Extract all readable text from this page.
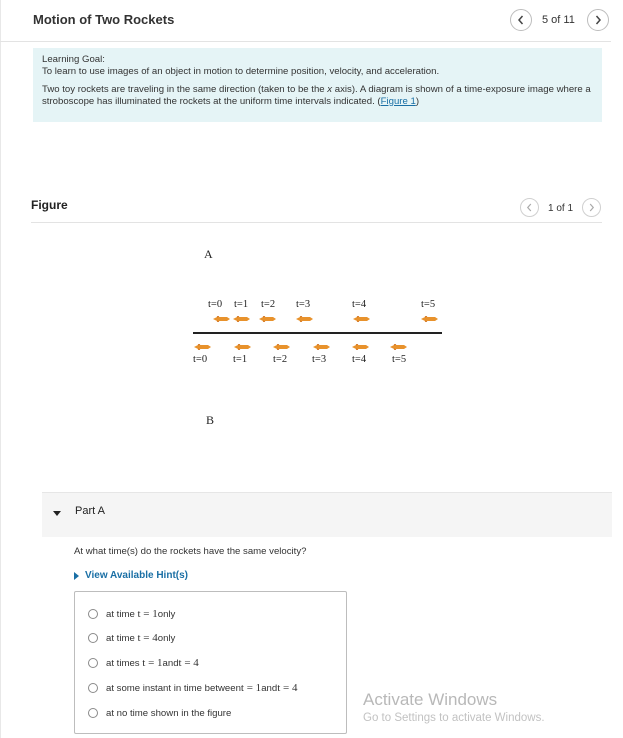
Motion of Two Rockets	5 of 11

Learning Goal:

To learn to use images of an object in motion to determine position, velocity, and acceleration.

Two toy rockets are traveling in the same direction (taken to be the x axis). A diagram is shown of a time-exposure image where a stroboscope has illuminated the rockets at the uniform time intervals indicated. (Figure 1)

Figure	1 of 1
A
t=0 t=1 t=2 t=3	t=4	t=5
t=0 t=1 t=2 t=3 t=4 t=5
B
Part A
At what time(s) do the rockets have the same velocity?
View Available Hint(s)
at time
t = 1 only
at time
t = 4 only
at times
t = 1 and t = 4
at some instant in time between t = 1 and t = 4
at no time shown in the figure
Activate Windows
Go to Settings to activate Windows.
